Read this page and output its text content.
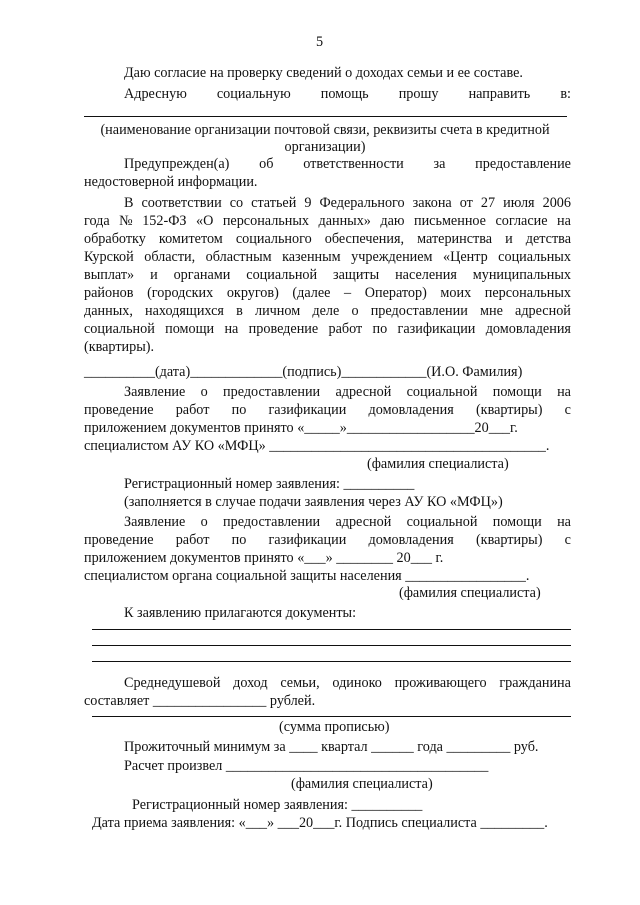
5
Даю согласие на проверку сведений о доходах семьи и ее составе.
Адресную социальную помощь прошу направить в:
(наименование организации почтовой связи, реквизиты счета в кредитной
организации)
Предупрежден(а) об ответственности за предоставление
недостоверной информации.
В соответствии со статьей 9 Федерального закона от 27 июля 2006
года № 152-ФЗ «О персональных данных» даю письменное согласие на
обработку комитетом социального обеспечения, материнства и детства
Курской области, областным казенным учреждением «Центр социальных
выплат» и органами социальной защиты населения муниципальных
районов (городских округов) (далее – Оператор) моих персональных
данных, находящихся в личном деле о предоставлении мне адресной
социальной помощи на проведение работ по газификации домовладения
(квартиры).
__________(дата)_____________(подпись)____________(И.О. Фамилия)
Заявление о предоставлении адресной социальной помощи на
проведение работ по газификации домовладения (квартиры) с
приложением документов принято «_____»__________________20___г.
специалистом АУ КО «МФЦ» _______________________________________.
(фамилия специалиста)
Регистрационный номер заявления: __________
(заполняется в случае подачи заявления через АУ КО «МФЦ»)
Заявление о предоставлении адресной социальной помощи на
проведение работ по газификации домовладения (квартиры) с
приложением документов принято «___» ________ 20___ г.
специалистом органа социальной защиты населения _________________.
(фамилия специалиста)
К заявлению прилагаются документы:
Среднедушевой доход семьи, одиноко проживающего гражданина
составляет ________________ рублей.
(сумма прописью)
Прожиточный минимум за ____ квартал ______ года _________ руб.
Расчет произвел _____________________________________
(фамилия специалиста)
Регистрационный номер заявления: __________
Дата приема заявления: «___» ___20___г. Подпись специалиста _________.
